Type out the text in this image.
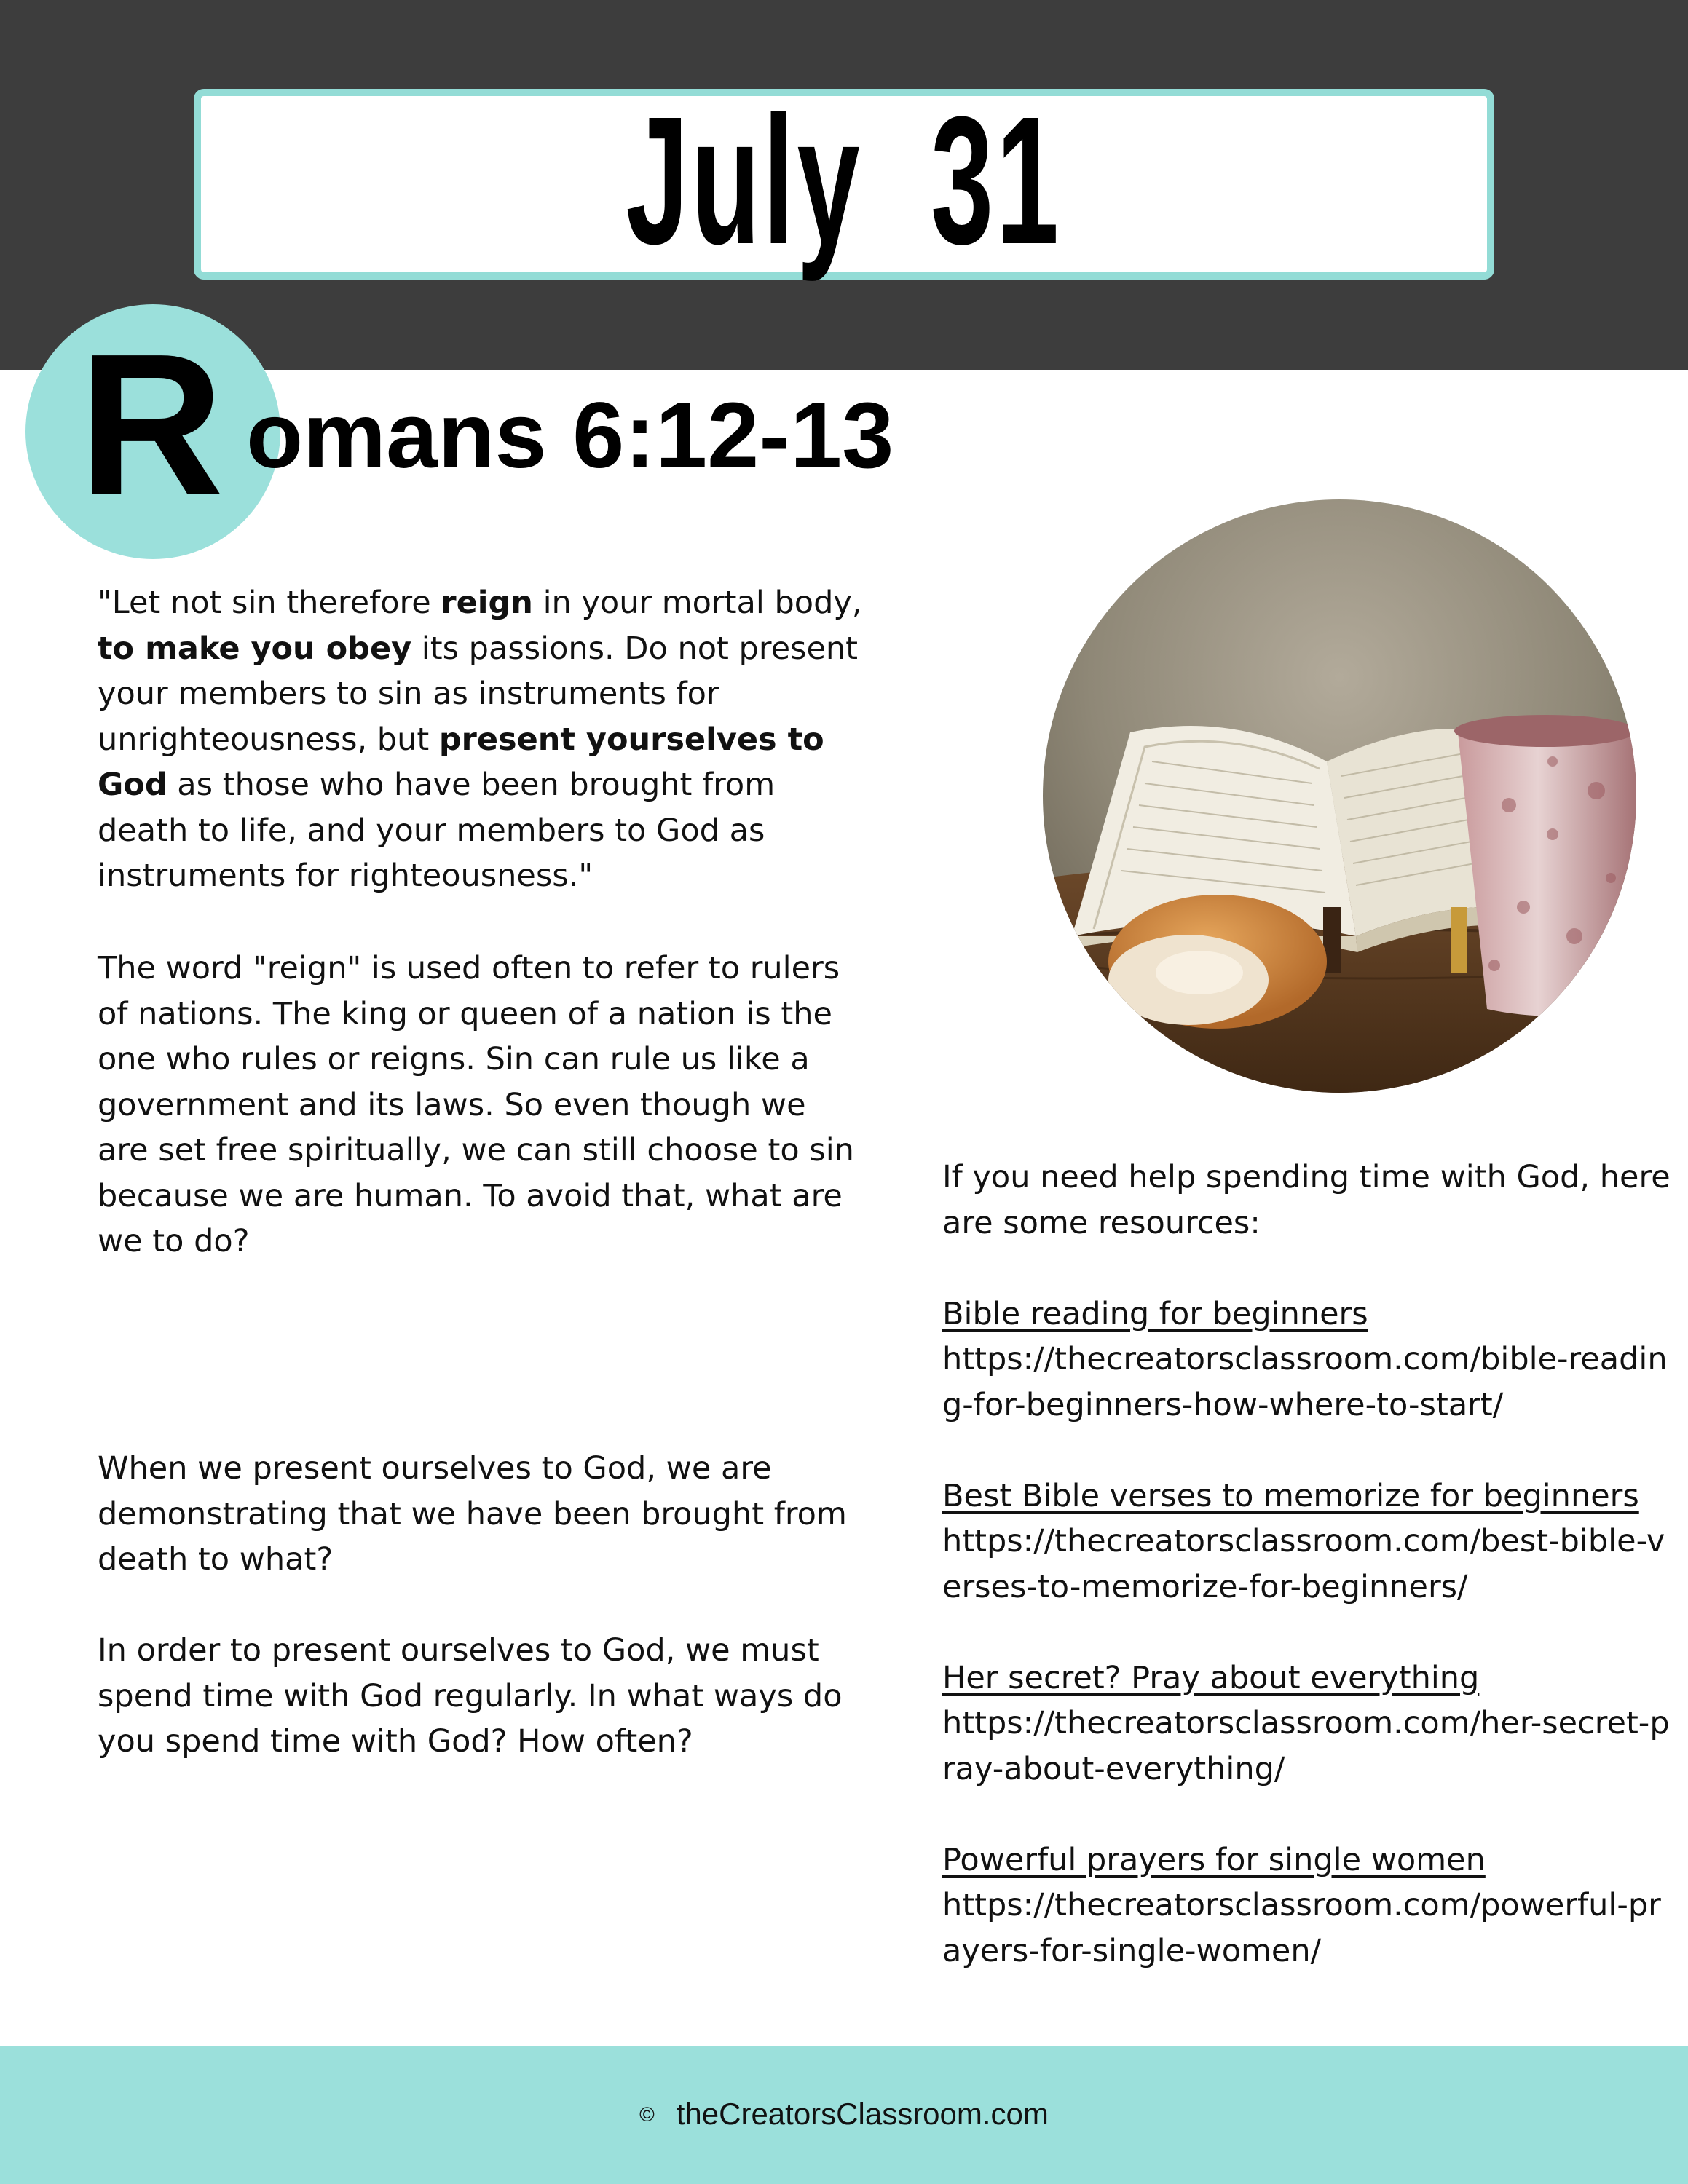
July  31
R omans 6:12-13

"Let not sin therefore reign in your mortal body, to make you obey its passions. Do not present your members to sin as instruments for unrighteousness, but present yourselves to God as those who have been brought from death to life, and your members to God as instruments for righteousness."

The word "reign" is used often to refer to rulers of nations. The king or queen of a nation is the one who rules or reigns. Sin can rule us like a government and its laws. So even though we are set free spiritually, we can still choose to sin because we are human. To avoid that, what are we to do?

When we present ourselves to God, we are demonstrating that we have been brought from death to what?

In order to present ourselves to God, we must spend time with God regularly. In what ways do you spend time with God? How often?

If you need help spending time with God, here are some resources:

Bible reading for beginners
https://thecreatorsclassroom.com/bible-reading-for-beginners-how-where-to-start/
Best Bible verses to memorize for beginners
https://thecreatorsclassroom.com/best-bible-verses-to-memorize-for-beginners/
Her secret? Pray about everything
https://thecreatorsclassroom.com/her-secret-pray-about-everything/
Powerful prayers for single women
https://thecreatorsclassroom.com/powerful-prayers-for-single-women/
© theCreatorsClassroom.com
